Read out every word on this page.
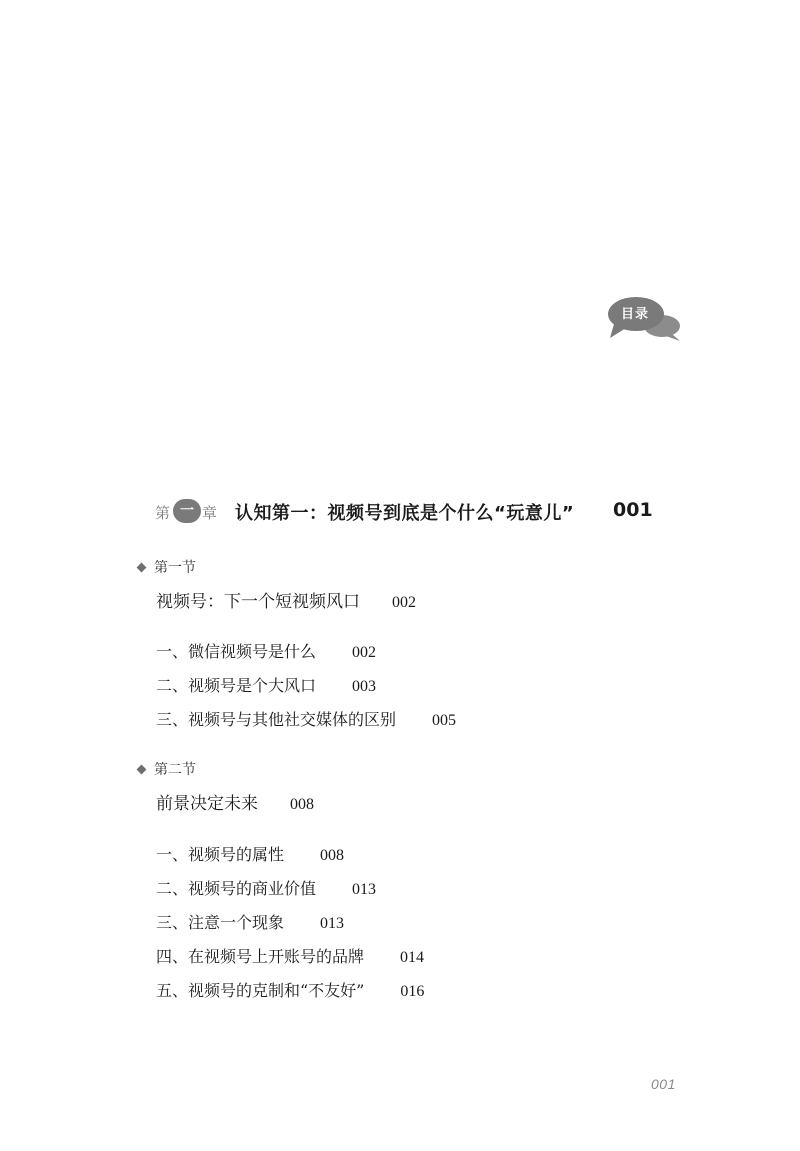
目录
第 一 章 认知第一：视频号到底是个什么“玩意儿” 001
第一节
视频号：下一个短视频风口 002
一、微信视频号是什么 002
二、视频号是个大风口 003
三、视频号与其他社交媒体的区别 005
第二节
前景决定未来 008
一、视频号的属性 008
二、视频号的商业价值 013
三、注意一个现象 013
四、在视频号上开账号的品牌 014
五、视频号的克制和“不友好” 016
001
